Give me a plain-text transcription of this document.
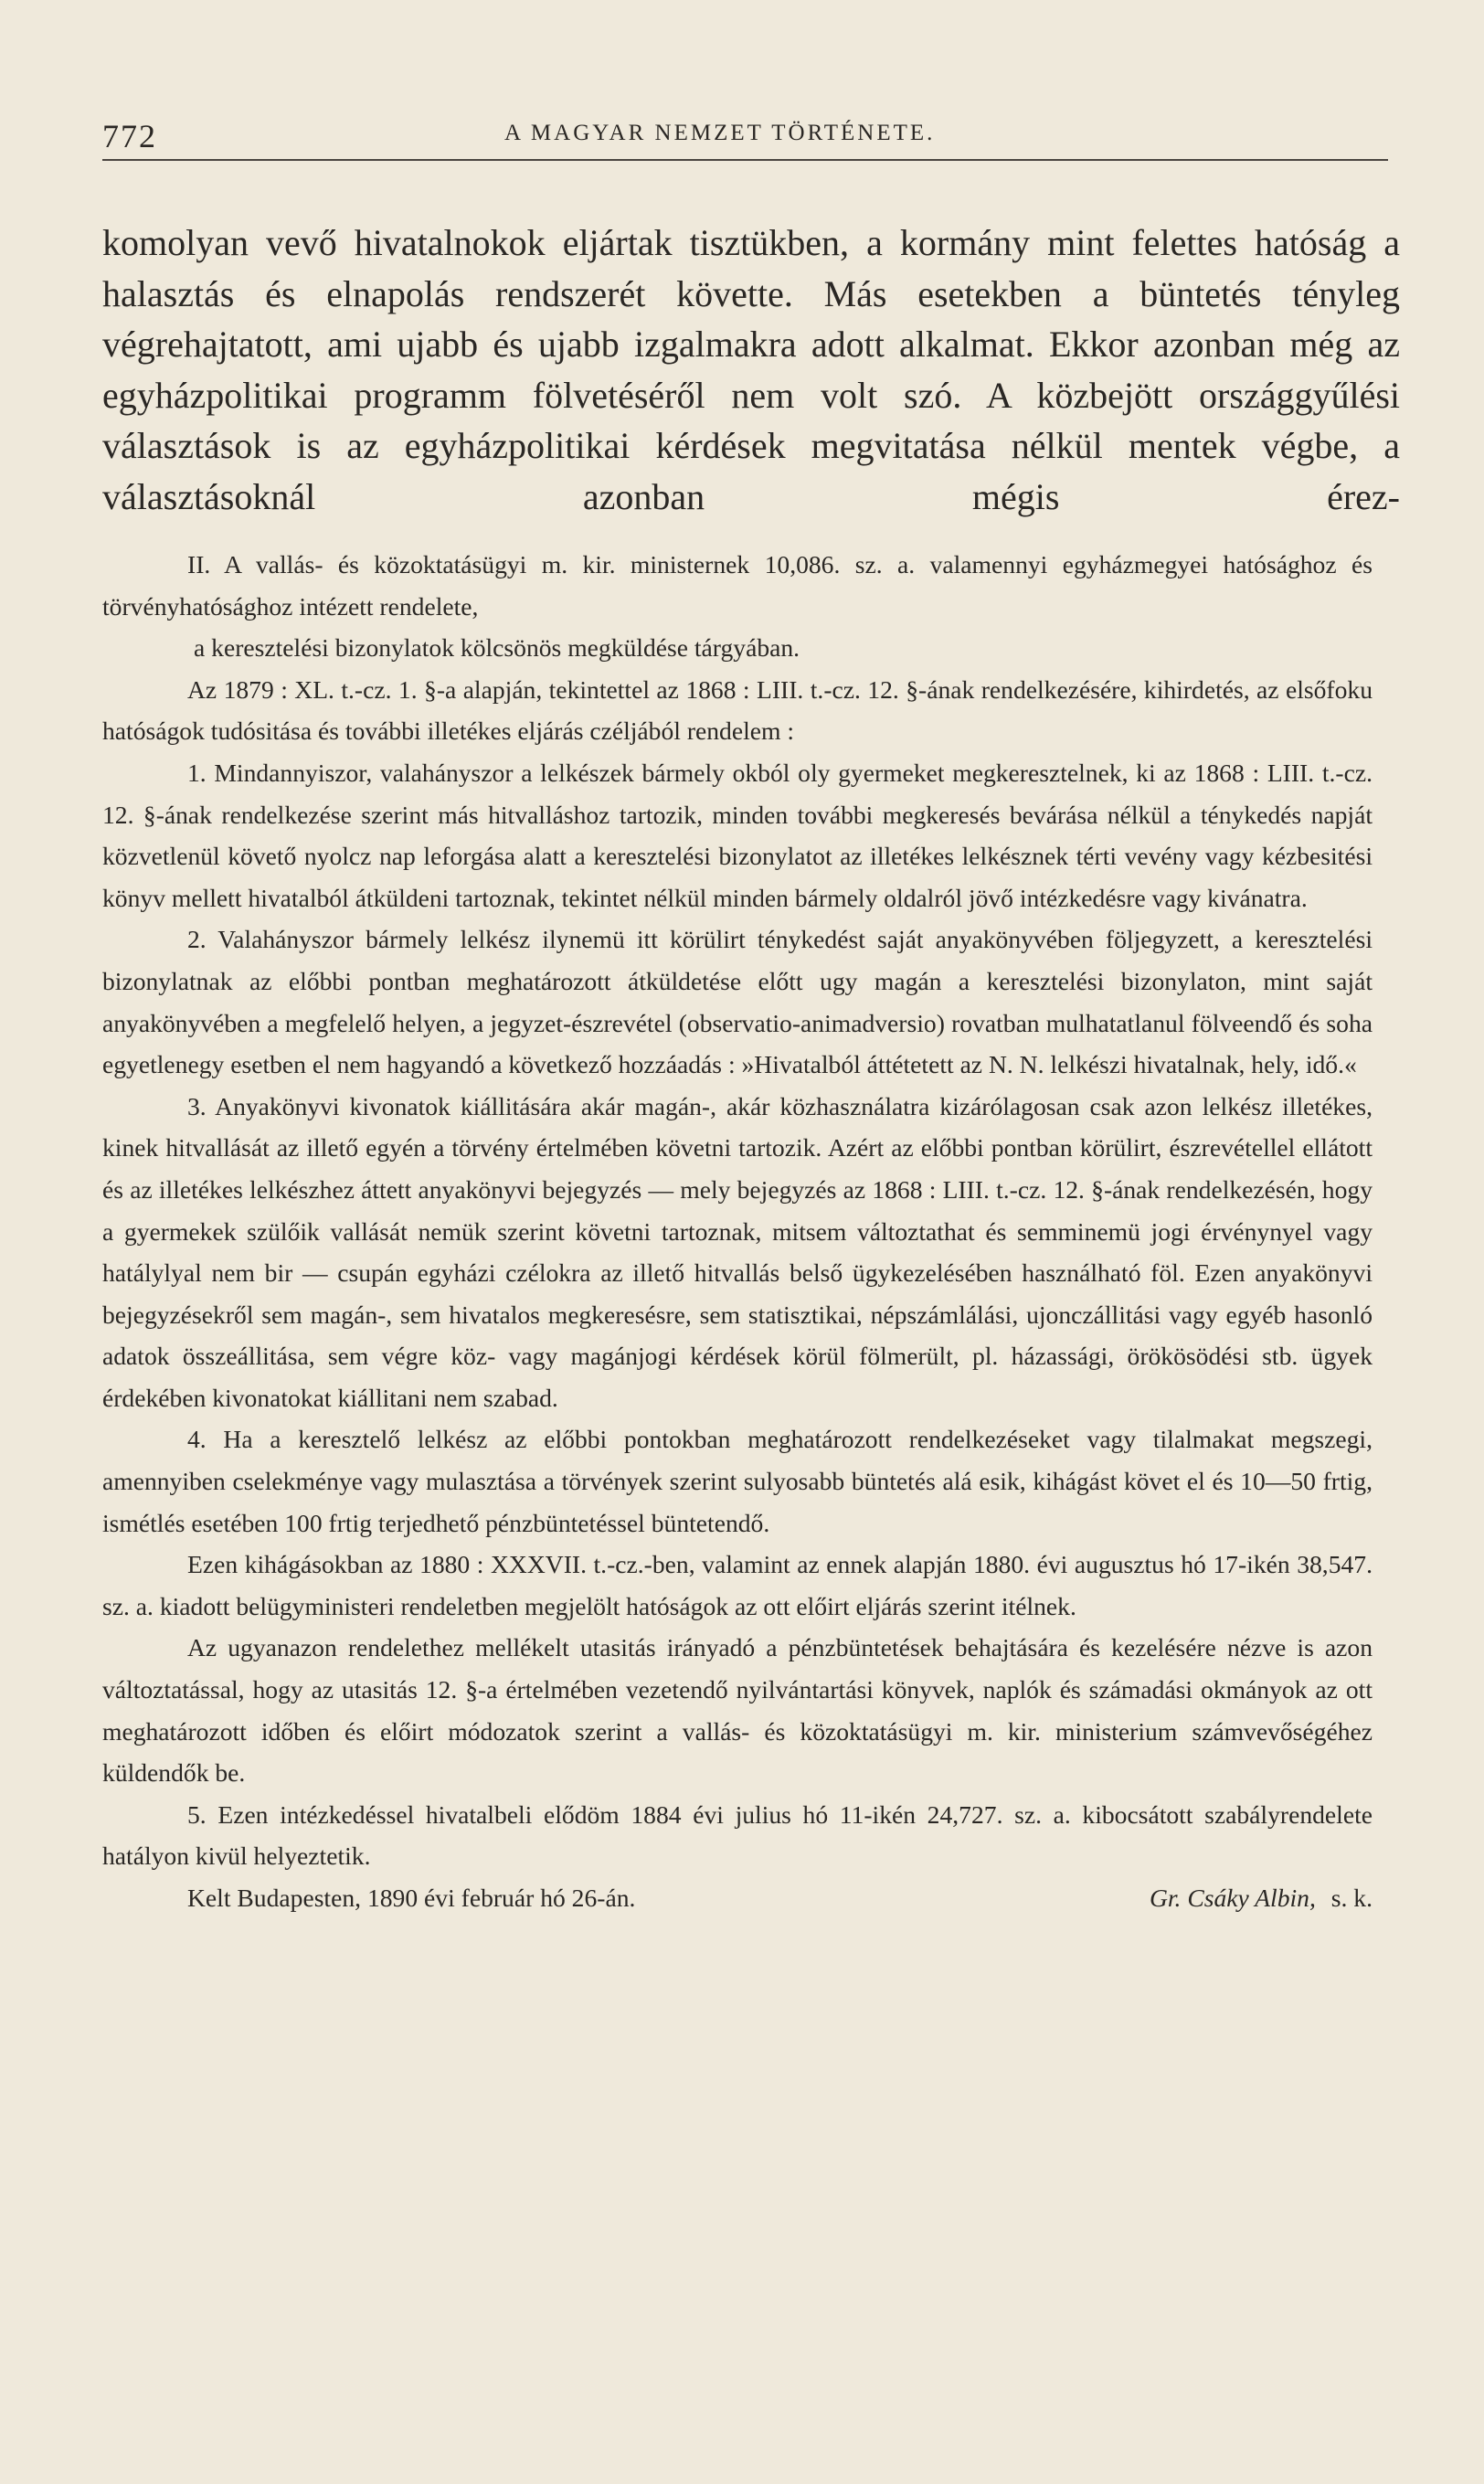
772	A MAGYAR NEMZET TÖRTÉNETE.

komolyan vevő hivatalnokok eljártak tisztükben, a kormány mint felettes hatóság a halasztás és elnapolás rendszerét követte. Más esetekben a büntetés tényleg végrehajtatott, ami ujabb és ujabb izgalmakra adott alkalmat. Ekkor azonban még az egyházpolitikai programm fölvetéséről nem volt szó. A közbejött országgyűlési választások is az egyházpolitikai kérdések megvitatása nélkül mentek végbe, a választásoknál azonban mégis érez-

II. A vallás- és közoktatásügyi m. kir. ministernek 10,086. sz. a. valamennyi egyházmegyei hatósághoz és törvényhatósághoz intézett rendelete,

a keresztelési bizonylatok kölcsönös megküldése tárgyában.

Az 1879 : XL. t.-cz. 1. §-a alapján, tekintettel az 1868 : LIII. t.-cz. 12. §-ának rendelkezésére, kihirdetés, az elsőfoku hatóságok tudósitása és további illetékes eljárás czéljából rendelem :

1. Mindannyiszor, valahányszor a lelkészek bármely okból oly gyermeket megkeresztelnek, ki az 1868 : LIII. t.-cz. 12. §-ának rendelkezése szerint más hitvalláshoz tartozik, minden további megkeresés bevárása nélkül a ténykedés napját közvetlenül követő nyolcz nap leforgása alatt a keresztelési bizonylatot az illetékes lelkésznek térti vevény vagy kézbesitési könyv mellett hivatalból átküldeni tartoznak, tekintet nélkül minden bármely oldalról jövő intézkedésre vagy kivánatra.

2. Valahányszor bármely lelkész ilynemü itt körülirt ténykedést saját anyakönyvében följegyzett, a keresztelési bizonylatnak az előbbi pontban meghatározott átküldetése előtt ugy magán a keresztelési bizonylaton, mint saját anyakönyvében a megfelelő helyen, a jegyzet-észrevétel (observatio-animadversio) rovatban mulhatatlanul fölveendő és soha egyetlenegy esetben el nem hagyandó a következő hozzáadás : »Hivatalból áttétetett az N. N. lelkészi hivatalnak, hely, idő.«

3. Anyakönyvi kivonatok kiállitására akár magán-, akár közhasználatra kizárólagosan csak azon lelkész illetékes, kinek hitvallását az illető egyén a törvény értelmében követni tartozik. Azért az előbbi pontban körülirt, észrevétellel ellátott és az illetékes lelkészhez áttett anyakönyvi bejegyzés — mely bejegyzés az 1868 : LIII. t.-cz. 12. §-ának rendelkezésén, hogy a gyermekek szülőik vallását nemük szerint követni tartoznak, mitsem változtathat és semminemü jogi érvénynyel vagy hatálylyal nem bir — csupán egyházi czélokra az illető hitvallás belső ügykezelésében használható föl. Ezen anyakönyvi bejegyzésekről sem magán-, sem hivatalos megkeresésre, sem statisztikai, népszámlálási, ujonczállitási vagy egyéb hasonló adatok összeállitása, sem végre köz- vagy magánjogi kérdések körül fölmerült, pl. házassági, örökösödési stb. ügyek érdekében kivonatokat kiállitani nem szabad.

4. Ha a keresztelő lelkész az előbbi pontokban meghatározott rendelkezéseket vagy tilalmakat megszegi, amennyiben cselekménye vagy mulasztása a törvények szerint sulyosabb büntetés alá esik, kihágást követ el és 10—50 frtig, ismétlés esetében 100 frtig terjedhető pénzbüntetéssel büntetendő.

Ezen kihágásokban az 1880 : XXXVII. t.-cz.-ben, valamint az ennek alapján 1880. évi augusztus hó 17-ikén 38,547. sz. a. kiadott belügyministeri rendeletben megjelölt hatóságok az ott előirt eljárás szerint itélnek.

Az ugyanazon rendelethez mellékelt utasitás irányadó a pénzbüntetések behajtására és kezelésére nézve is azon változtatással, hogy az utasitás 12. §-a értelmében vezetendő nyilvántartási könyvek, naplók és számadási okmányok az ott meghatározott időben és előirt módozatok szerint a vallás- és közoktatásügyi m. kir. ministerium számvevőségéhez küldendők be.

5. Ezen intézkedéssel hivatalbeli elődöm 1884 évi julius hó 11-ikén 24,727. sz. a. kibocsátott szabályrendelete hatályon kivül helyeztetik.

Kelt Budapesten, 1890 évi február hó 26-án.	Gr. Csáky Albin, s. k.
